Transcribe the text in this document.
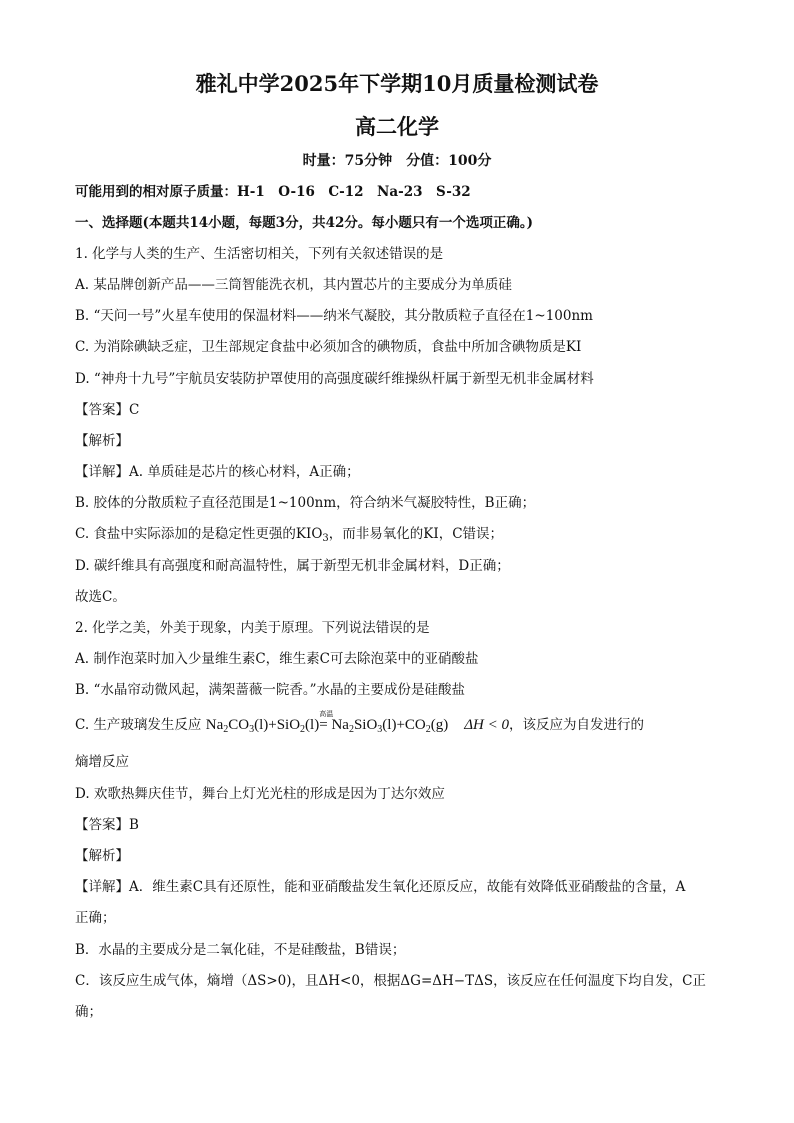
雅礼中学2025年下学期10月质量检测试卷
高二化学
时量：75分钟　分值：100分
可能用到的相对原子质量：H-1　O-16　C-12　Na-23　S-32
一、选择题(本题共14小题，每题3分，共42分。每小题只有一个选项正确。)
1. 化学与人类的生产、生活密切相关，下列有关叙述错误的是
A. 某品牌创新产品——三筒智能洗衣机，其内置芯片的主要成分为单质硅
B. “天问一号”火星车使用的保温材料——纳米气凝胶，其分散质粒子直径在1~100nm
C. 为消除碘缺乏症，卫生部规定食盐中必须加含的碘物质，食盐中所加含碘物质是KI
D. “神舟十九号”宇航员安装防护罩使用的高强度碳纤维操纵杆属于新型无机非金属材料
【答案】C
【解析】
【详解】A. 单质硅是芯片的核心材料，A正确；
B. 胶体的分散质粒子直径范围是1~100nm，符合纳米气凝胶特性，B正确；
C. 食盐中实际添加的是稳定性更强的$KIO_3$，而非易氧化的KI，C错误；
D. 碳纤维具有高强度和耐高温特性，属于新型无机非金属材料，D正确；
故选C。
2. 化学之美，外美于现象，内美于原理。下列说法错误的是
A. 制作泡菜时加入少量维生素C，维生素C可去除泡菜中的亚硝酸盐
B. “水晶帘动微风起，满架蔷薇一院香。”水晶的主要成份是硅酸盐
C. 生产玻璃发生反应 $Na_2CO_3(l)+SiO_2(l)$
高温
= $Na_2SiO_3(l)+CO_2(g) \Delta H < 0$，该反应为自发进行的
熵增反应
D. 欢歌热舞庆佳节，舞台上灯光光柱的形成是因为丁达尔效应
【答案】B
【解析】
【详解】A．维生素C具有还原性，能和亚硝酸盐发生氧化还原反应，故能有效降低亚硝酸盐的含量，A
正确；
B．水晶的主要成分是二氧化硅，不是硅酸盐，B错误；
C．该反应生成气体，熵增（ΔS>0)，且ΔH<0，根据ΔG=ΔH−TΔS，该反应在任何温度下均自发，C正
确；
